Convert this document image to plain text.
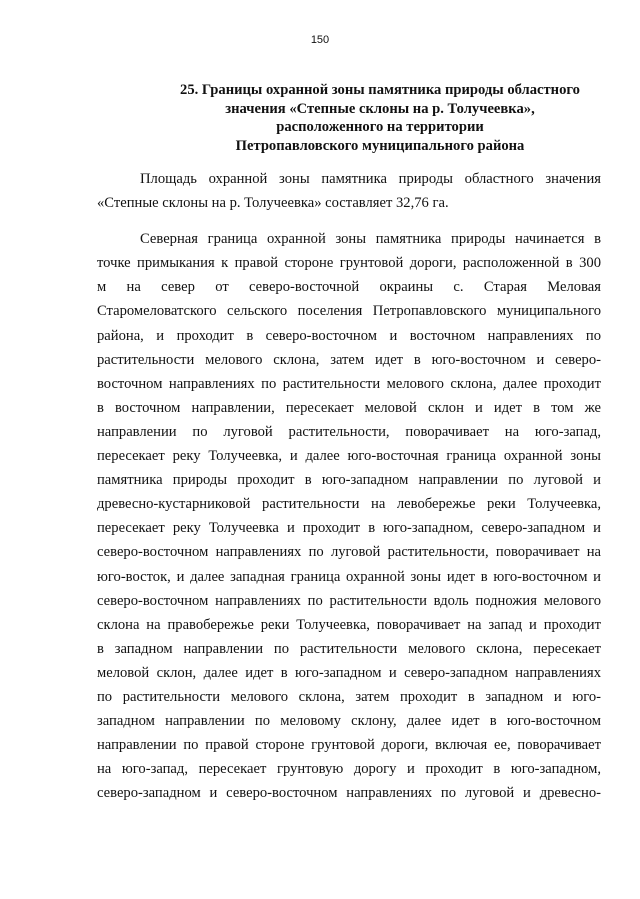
150
25. Границы охранной зоны памятника природы областного
значения «Степные склоны на р. Толучеевка»,
расположенного на территории
Петропавловского муниципального района
Площадь охранной зоны памятника природы областного значения
«Степные склоны на р. Толучеевка» составляет 32,76 га.
Северная граница охранной зоны памятника природы начинается в
точке примыкания к правой стороне грунтовой дороги, расположенной в 300
м на север от северо-восточной окраины с. Старая Меловая
Старомеловатского сельского поселения Петропавловского муниципального
района, и проходит в северо-восточном и восточном направлениях по
растительности мелового склона, затем идет в юго-восточном и северо-
восточном направлениях по растительности мелового склона, далее проходит
в восточном направлении, пересекает меловой склон и идет в том же
направлении по луговой растительности, поворачивает на юго-запад,
пересекает реку Толучеевка, и далее юго-восточная граница охранной зоны
памятника природы проходит в юго-западном направлении по луговой и
древесно-кустарниковой растительности на левобережье реки Толучеевка,
пересекает реку Толучеевка и проходит в юго-западном, северо-западном и
северо-восточном направлениях по луговой растительности, поворачивает на
юго-восток, и далее западная граница охранной зоны идет в юго-восточном и
северо-восточном направлениях по растительности вдоль подножия мелового
склона на правобережье реки Толучеевка, поворачивает на запад и проходит
в западном направлении по растительности мелового склона, пересекает
меловой склон, далее идет в юго-западном и северо-западном направлениях
по растительности мелового склона, затем проходит в западном и юго-
западном направлении по меловому склону, далее идет в юго-восточном
направлении по правой стороне грунтовой дороги, включая ее, поворачивает
на юго-запад, пересекает грунтовую дорогу и проходит в юго-западном,
северо-западном и северо-восточном направлениях по луговой и древесно-
